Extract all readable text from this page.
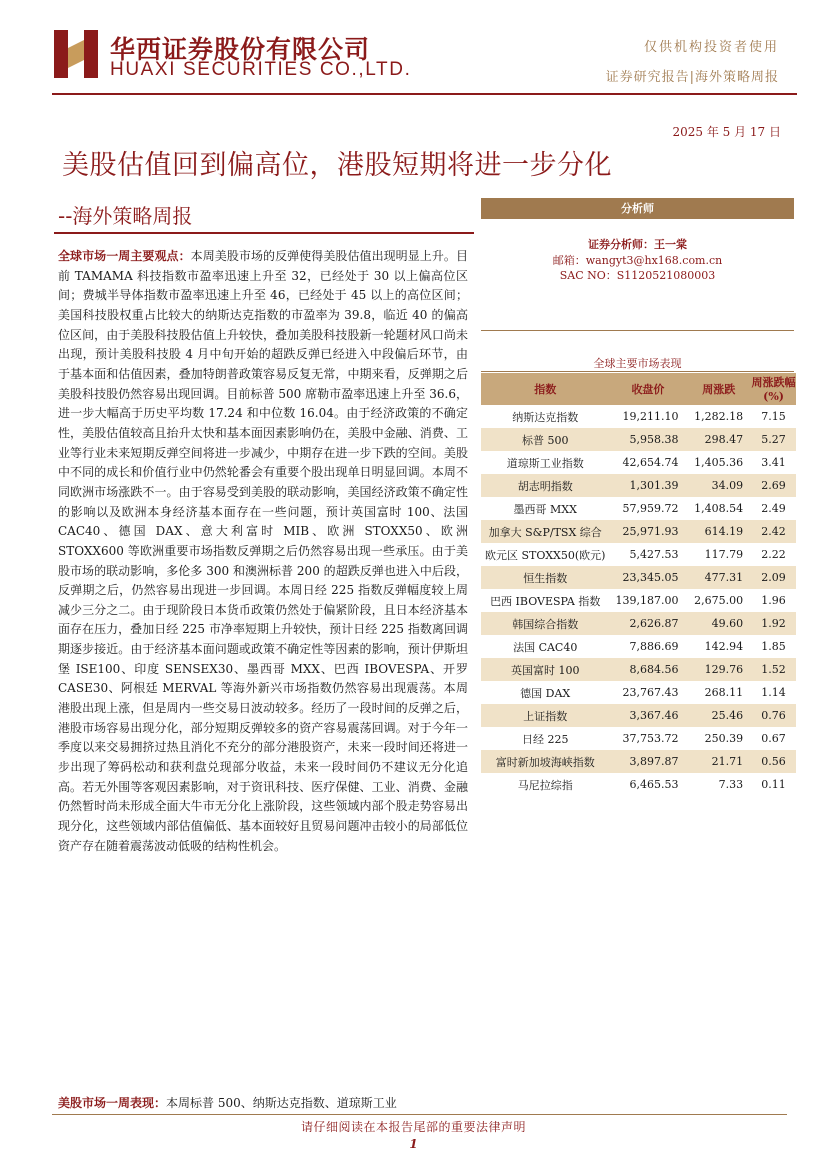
华西证券股份有限公司
HUAXI SECURITIES CO.,LTD.
仅供机构投资者使用
证券研究报告|海外策略周报
2025 年 5 月 17 日
美股估值回到偏高位，港股短期将进一步分化
--海外策略周报
全球市场一周主要观点：本周美股市场的反弹使得美股估值出现明显上升。目前 TAMAMA 科技指数市盈率迅速上升至 32，已经处于 30 以上偏高位区间；费城半导体指数市盈率迅速上升至 46，已经处于 45 以上的高位区间；美国科技股权重占比较大的纳斯达克指数的市盈率为 39.8，临近 40 的偏高位区间，由于美股科技股估值上升较快，叠加美股科技股新一轮题材风口尚未出现，预计美股科技股 4 月中旬开始的超跌反弹已经进入中段偏后环节，由于基本面和估值因素，叠加特朗普政策容易反复无常，中期来看，反弹期之后美股科技股仍然容易出现回调。目前标普 500 席勒市盈率迅速上升至 36.6，进一步大幅高于历史平均数 17.24 和中位数 16.04。由于经济政策的不确定性，美股估值较高且抬升太快和基本面因素影响仍在，美股中金融、消费、工业等行业未来短期反弹空间将进一步减少，中期存在进一步下跌的空间。美股中不同的成长和价值行业中仍然轮番会有重要个股出现单日明显回调。本周不同欧洲市场涨跌不一。由于容易受到美股的联动影响，美国经济政策不确定性的影响以及欧洲本身经济基本面存在一些问题，预计英国富时 100、法国 CAC40、德国 DAX、意大利富时 MIB、欧洲 STOXX50、欧洲 STOXX600 等欧洲重要市场指数反弹期之后仍然容易出现一些承压。由于美股市场的联动影响，多伦多 300 和澳洲标普 200 的超跌反弹也进入中后段，反弹期之后，仍然容易出现进一步回调。本周日经 225 指数反弹幅度较上周减少三分之二。由于现阶段日本货币政策仍然处于偏紧阶段，且日本经济基本面存在压力，叠加日经 225 市净率短期上升较快，预计日经 225 指数离回调期逐步接近。由于经济基本面问题或政策不确定性等因素的影响，预计伊斯坦堡 ISE100、印度 SENSEX30、墨西哥 MXX、巴西 IBOVESPA、开罗 CASE30、阿根廷 MERVAL 等海外新兴市场指数仍然容易出现震荡。本周港股出现上涨，但是周内一些交易日波动较多。经历了一段时间的反弹之后，港股市场容易出现分化，部分短期反弹较多的资产容易震荡回调。对于今年一季度以来交易拥挤过热且消化不充分的部分港股资产，未来一段时间还将进一步出现了筹码松动和获利盘兑现部分收益，未来一段时间仍不建议无分化追高。若无外围等客观因素影响，对于资讯科技、医疗保健、工业、消费、金融仍然暂时尚未形成全面大牛市无分化上涨阶段，这些领域内部个股走势容易出现分化，这些领域内部估值偏低、基本面较好且贸易问题冲击较小的局部低位资产存在随着震荡波动低吸的结构性机会。
美股市场一周表现：本周标普 500、纳斯达克指数、道琼斯工业
分析师
证券分析师：王一棠
邮箱：wangyt3@hx168.com.cn
SAC NO：S1120521080003
全球主要市场表现
指数	收盘价	周涨跌	周涨跌幅 (%)
纳斯达克指数	19,211.10	1,282.18	7.15
标普 500	5,958.38	298.47	5.27
道琼斯工业指数	42,654.74	1,405.36	3.41
胡志明指数	1,301.39	34.09	2.69
墨西哥 MXX	57,959.72	1,408.54	2.49
加拿大 S&P/TSX 综合	25,971.93	614.19	2.42
欧元区 STOXX50(欧元)	5,427.53	117.79	2.22
恒生指数	23,345.05	477.31	2.09
巴西 IBOVESPA 指数	139,187.00	2,675.00	1.96
韩国综合指数	2,626.87	49.60	1.92
法国 CAC40	7,886.69	142.94	1.85
英国富时 100	8,684.56	129.76	1.52
德国 DAX	23,767.43	268.11	1.14
上证指数	3,367.46	25.46	0.76
日经 225	37,753.72	250.39	0.67
富时新加坡海峡指数	3,897.87	21.71	0.56
马尼拉综指	6,465.53	7.33	0.11
请仔细阅读在本报告尾部的重要法律声明
1
